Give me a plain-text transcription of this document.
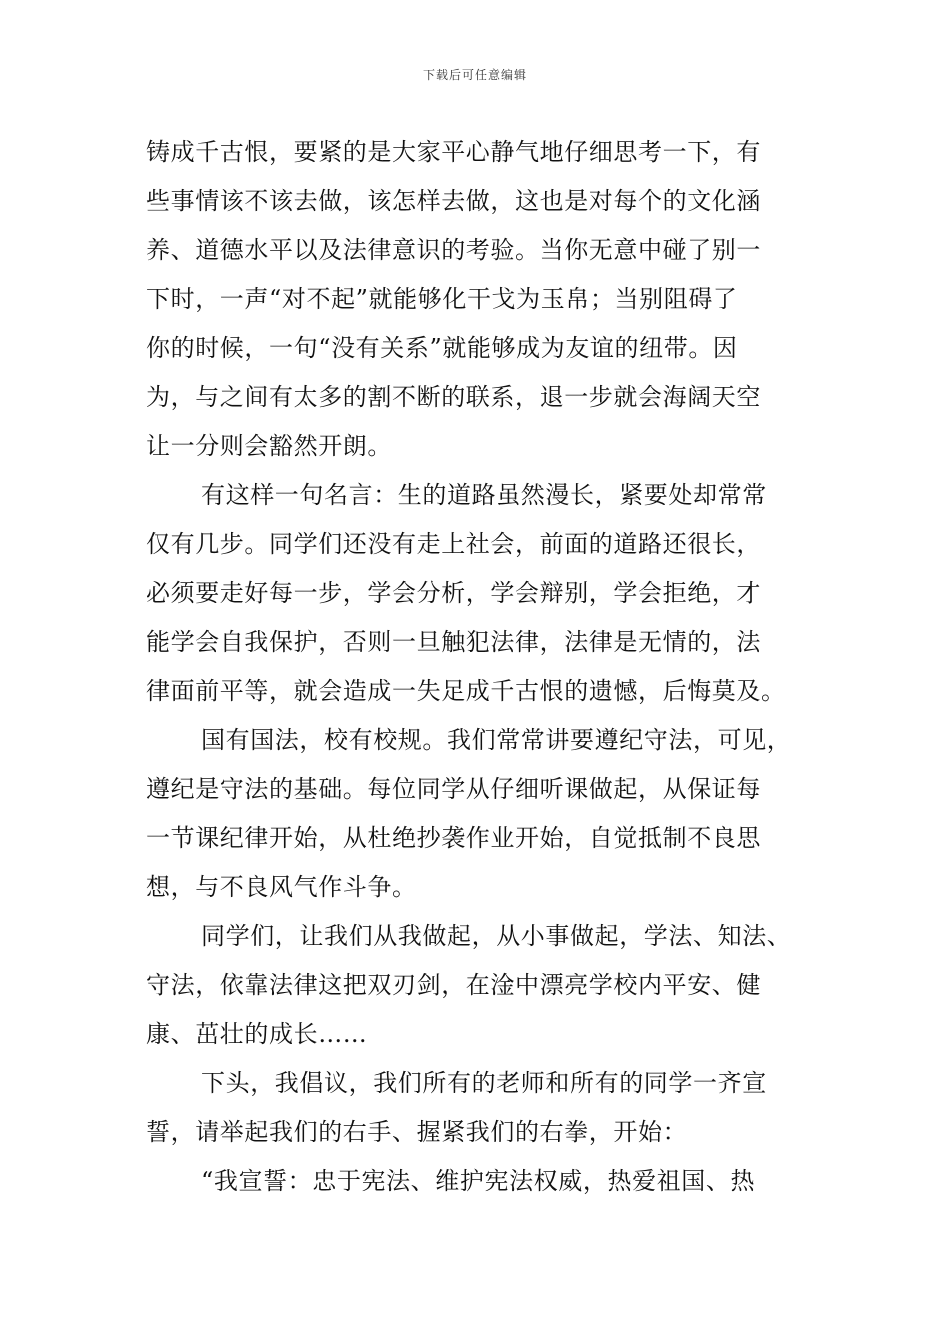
下载后可任意编辑
铸成千古恨，要紧的是大家平心静气地仔细思考一下，有
些事情该不该去做，该怎样去做，这也是对每个的文化涵
养、道德水平以及法律意识的考验。当你无意中碰了别一
下时，一声“对不起”就能够化干戈为玉帛；当别阻碍了
你的时候，一句“没有关系”就能够成为友谊的纽带。因
为，与之间有太多的割不断的联系，退一步就会海阔天空
让一分则会豁然开朗。
有这样一句名言：生的道路虽然漫长，紧要处却常常
仅有几步。同学们还没有走上社会，前面的道路还很长，
必须要走好每一步，学会分析，学会辩别，学会拒绝，才
能学会自我保护，否则一旦触犯法律，法律是无情的，法
律面前平等，就会造成一失足成千古恨的遗憾，后悔莫及。
国有国法，校有校规。我们常常讲要遵纪守法，可见，
遵纪是守法的基础。每位同学从仔细听课做起，从保证每
一节课纪律开始，从杜绝抄袭作业开始，自觉抵制不良思
想，与不良风气作斗争。
同学们，让我们从我做起，从小事做起，学法、知法、
守法，依靠法律这把双刃剑，在淦中漂亮学校内平安、健
康、茁壮的成长……
下头，我倡议，我们所有的老师和所有的同学一齐宣
誓，请举起我们的右手、握紧我们的右拳，开始：
“我宣誓：忠于宪法、维护宪法权威，热爱祖国、热
